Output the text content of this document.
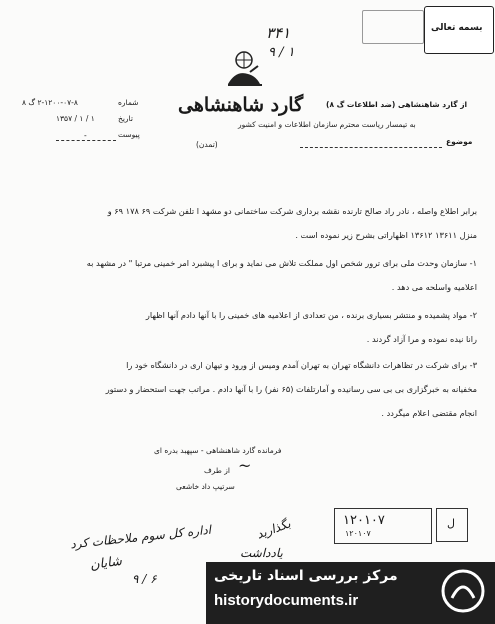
۳۴۱
۹ / ۱
بسمه تعالی
گارد شاهنشاهی	از گارد شاهنشاهی (ضد اطلاعات گ ۸)
به تیمسار ریاست محترم سازمان اطلاعات و امنیت کشور
موضوع
(تمدن)
شماره
۲-۱۲۰۰-۰۷-۸ گ ۸
تاریخ
۱۳۵۷ / ۱ / ۱
پیوست
-
برابر اطلاع واصله ، نادر راد صالح تارنده نقشه برداری شرکت ساختمانی دو مشهد ا تلفن شرکت ۶۹ ۱۷۸ ۶۹ و
منزل ۱۳۶۱۱ ۱۳۶۱۲ اظهاراتی بشرح زیر نموده است .
۱- سازمان وحدت ملی برای ترور شخص اول مملکت تلاش می نماید و برای ا پیشبرد امر خمینی مرتبا " در مشهد به
اعلامیه واسلحه می دهد .
۲- مواد پشمیده و منتشر بسیاری برنده ، من تعدادی از اعلامیه های خمینی را با آنها دادم آنها اظهار
رانا نیده نموده و مرا آزاد گردند .
۳- برای شرکت در تظاهرات دانشگاه تهران به تهران آمدم ومیس از ورود و تیهان اری در دانشگاه خود را
مخفیانه به خبرگزاری بی بی سی رسانیده و آمارتلفات (۶۵ نفر) را با آنها دادم . مراتب جهت استحضار و دستور
انجام مقتضی اعلام میگردد .
فرمانده گارد شاهنشاهی - سپهبد بدره ای
از طرف ~
سرتیپ داد خاشعی
اداره کل سوم ملاحظات کرد
شایان
۹ / ۶
بگذارید
یادداشت
۱۲۰۱۰۷
۱۲۰۱۰۷
ل
مرکز بررسی اسناد تاریخی
historydocuments.ir
